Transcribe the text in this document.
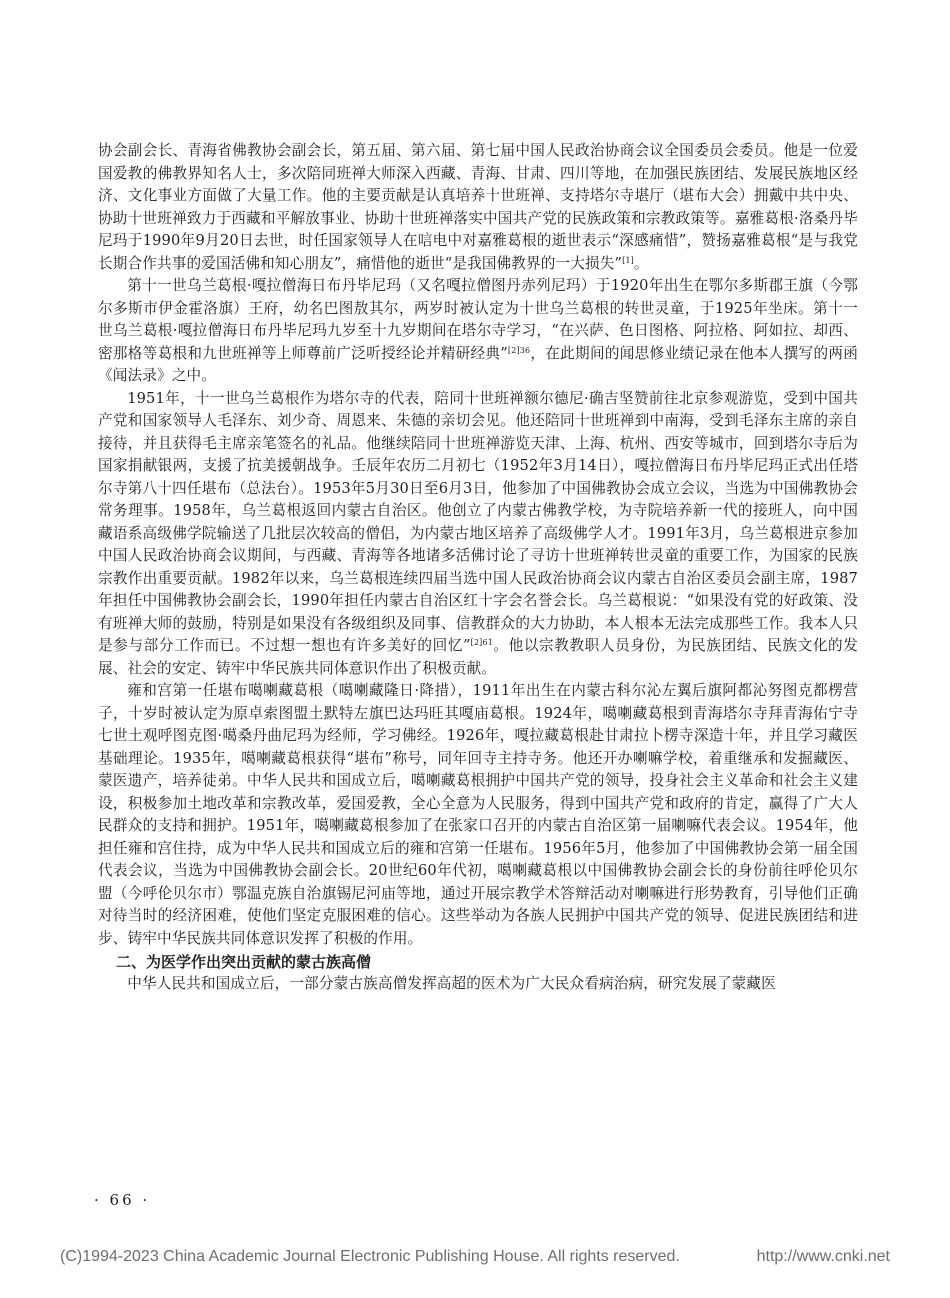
协会副会长、青海省佛教协会副会长，第五届、第六届、第七届中国人民政治协商会议全国委员会委员。他是一位爱国爱教的佛教界知名人士，多次陪同班禅大师深入西藏、青海、甘肃、四川等地，在加强民族团结、发展民族地区经济、文化事业方面做了大量工作。他的主要贡献是认真培养十世班禅、支持塔尔寺堪厅（堪布大会）拥戴中共中央、协助十世班禅致力于西藏和平解放事业、协助十世班禅落实中国共产党的民族政策和宗教政策等。嘉雅葛根·洛桑丹毕尼玛于1990年9月20日去世，时任国家领导人在唁电中对嘉雅葛根的逝世表示“深感痛惜”，赞扬嘉雅葛根“是与我党长期合作共事的爱国活佛和知心朋友”，痛惜他的逝世“是我国佛教界的一大损失”[1]。

第十一世乌兰葛根·嘎拉僧海日布丹毕尼玛（又名嘎拉僧图丹赤列尼玛）于1920年出生在鄂尔多斯郡王旗（今鄂尔多斯市伊金霍洛旗）王府，幼名巴图敖其尔，两岁时被认定为十世乌兰葛根的转世灵童，于1925年坐床。第十一世乌兰葛根·嘎拉僧海日布丹毕尼玛九岁至十九岁期间在塔尔寺学习，“在兴萨、色日图格、阿拉格、阿如拉、却西、密那格等葛根和九世班禅等上师尊前广泛听授经论并精研经典”$^{[2]36}$，在此期间的闻思修业绩记录在他本人撰写的两函《闻法录》之中。

1951年，十一世乌兰葛根作为塔尔寺的代表，陪同十世班禅额尔德尼·确吉坚赞前往北京参观游览，受到中国共产党和国家领导人毛泽东、刘少奇、周恩来、朱德的亲切会见。他还陪同十世班禅到中南海，受到毛泽东主席的亲自接待，并且获得毛主席亲笔签名的礼品。他继续陪同十世班禅游览天津、上海、杭州、西安等城市，回到塔尔寺后为国家捐献银两，支援了抗美援朝战争。壬辰年农历二月初七（1952年3月14日），嘎拉僧海日布丹毕尼玛正式出任塔尔寺第八十四任堪布（总法台）。1953年5月30日至6月3日，他参加了中国佛教协会成立会议，当选为中国佛教协会常务理事。1958年，乌兰葛根返回内蒙古自治区。他创立了内蒙古佛教学校，为寺院培养新一代的接班人，向中国藏语系高级佛学院输送了几批层次较高的僧侣，为内蒙古地区培养了高级佛学人才。1991年3月，乌兰葛根进京参加中国人民政治协商会议期间，与西藏、青海等各地诸多活佛讨论了寻访十世班禅转世灵童的重要工作，为国家的民族宗教作出重要贡献。1982年以来，乌兰葛根连续四届当选中国人民政治协商会议内蒙古自治区委员会副主席，1987年担任中国佛教协会副会长，1990年担任内蒙古自治区红十字会名誉会长。乌兰葛根说：“如果没有党的好政策、没有班禅大师的鼓励，特别是如果没有各级组织及同事、信教群众的大力协助，本人根本无法完成那些工作。我本人只是参与部分工作而已。不过想一想也有许多美好的回忆”$^{[2]61}$。他以宗教教职人员身份，为民族团结、民族文化的发展、社会的安定、铸牢中华民族共同体意识作出了积极贡献。

雍和宫第一任堪布噶喇藏葛根（噶喇藏隆日·降措），1911年出生在内蒙古科尔沁左翼后旗阿都沁努图克都楞营子，十岁时被认定为原卓索图盟土默特左旗巴达玛旺其嘎庙葛根。1924年，噶喇藏葛根到青海塔尔寺拜青海佑宁寺七世土观呼图克图·噶桑丹曲尼玛为经师，学习佛经。1926年，嘎拉藏葛根赴甘肃拉卜楞寺深造十年，并且学习藏医基础理论。1935年，噶喇藏葛根获得“堪布”称号，同年回寺主持寺务。他还开办喇嘛学校，着重继承和发掘藏医、蒙医遗产，培养徒弟。中华人民共和国成立后，噶喇藏葛根拥护中国共产党的领导，投身社会主义革命和社会主义建设，积极参加土地改革和宗教改革，爱国爱教，全心全意为人民服务，得到中国共产党和政府的肯定，赢得了广大人民群众的支持和拥护。1951年，噶喇藏葛根参加了在张家口召开的内蒙古自治区第一届喇嘛代表会议。1954年，他担任雍和宫住持，成为中华人民共和国成立后的雍和宫第一任堪布。1956年5月，他参加了中国佛教协会第一届全国代表会议，当选为中国佛教协会副会长。20世纪60年代初，噶喇藏葛根以中国佛教协会副会长的身份前往呼伦贝尔盟（今呼伦贝尔市）鄂温克族自治旗锡尼河庙等地，通过开展宗教学术答辩活动对喇嘛进行形势教育，引导他们正确对待当时的经济困难，使他们坚定克服困难的信心。这些举动为各族人民拥护中国共产党的领导、促进民族团结和进步、铸牢中华民族共同体意识发挥了积极的作用。

二、为医学作出突出贡献的蒙古族高僧

中华人民共和国成立后，一部分蒙古族高僧发挥高超的医术为广大民众看病治病，研究发展了蒙藏医

· 66 ·
(C)1994-2023 China Academic Journal Electronic Publishing House. All rights reserved.	http://www.cnki.net
